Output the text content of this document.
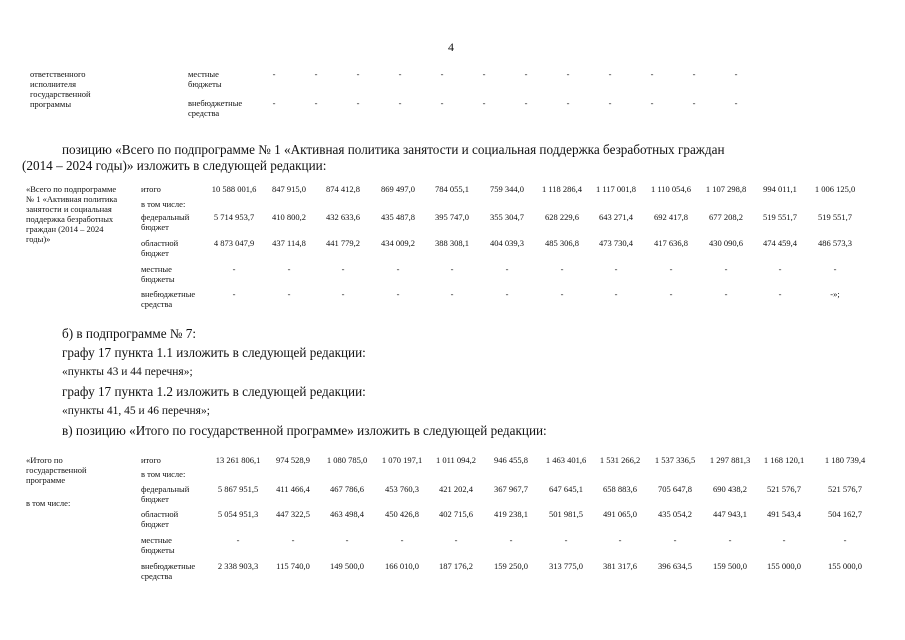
4
ответственного
исполнителя
государственной
программы
местные
бюджеты
-	-	-	-	-	-	-	-	-	-	-	-
внебюджетные
средства
-	-	-	-	-	-	-	-	-	-	-	-
позицию «Всего по подпрограмме № 1 «Активная политика занятости и социальная поддержка безработных граждан
(2014 – 2024 годы)» изложить в следующей редакции:
«Всего по подпрограмме
№ 1 «Активная политика
занятости и социальная
поддержка безработных
граждан (2014 – 2024
годы)»
итого	10 588 001,6	847 915,0	874 412,8	869 497,0	784 055,1	759 344,0	1 118 286,4	1 117 001,8	1 110 054,6	1 107 298,8	994 011,1	1 006 125,0
в том числе:
федеральный
бюджет
5 714 953,7	410 800,2	432 633,6	435 487,8	395 747,0	355 304,7	628 229,6	643 271,4	692 417,8	677 208,2	519 551,7	519 551,7
областной
бюджет
4 873 047,9	437 114,8	441 779,2	434 009,2	388 308,1	404 039,3	485 306,8	473 730,4	417 636,8	430 090,6	474 459,4	486 573,3
местные
бюджеты
-	-	-	-	-	-	-	-	-	-	-	-
внебюджетные
средства
-	-	-	-	-	-	-	-	-	-	-	-»;
б) в подпрограмме № 7:
графу 17 пункта 1.1 изложить в следующей редакции:
«пункты 43 и 44 перечня»;
графу 17 пункта 1.2 изложить в следующей редакции:
«пункты 41, 45 и 46 перечня»;
в) позицию «Итого по государственной программе» изложить в следующей редакции:
«Итого по
государственной
программе
в том числе:
итого	13 261 806,1	974 528,9	1 080 785,0	1 070 197,1	1 011 094,2	946 455,8	1 463 401,6	1 531 266,2	1 537 336,5	1 297 881,3	1 168 120,1	1 180 739,4
в том числе:
федеральный
бюджет
5 867 951,5	411 466,4	467 786,6	453 760,3	421 202,4	367 967,7	647 645,1	658 883,6	705 647,8	690 438,2	521 576,7	521 576,7
областной
бюджет
5 054 951,3	447 322,5	463 498,4	450 426,8	402 715,6	419 238,1	501 981,5	491 065,0	435 054,2	447 943,1	491 543,4	504 162,7
местные
бюджеты
-	-	-	-	-	-	-	-	-	-	-	-
внебюджетные
средства
2 338 903,3	115 740,0	149 500,0	166 010,0	187 176,2	159 250,0	313 775,0	381 317,6	396 634,5	159 500,0	155 000,0	155 000,0
